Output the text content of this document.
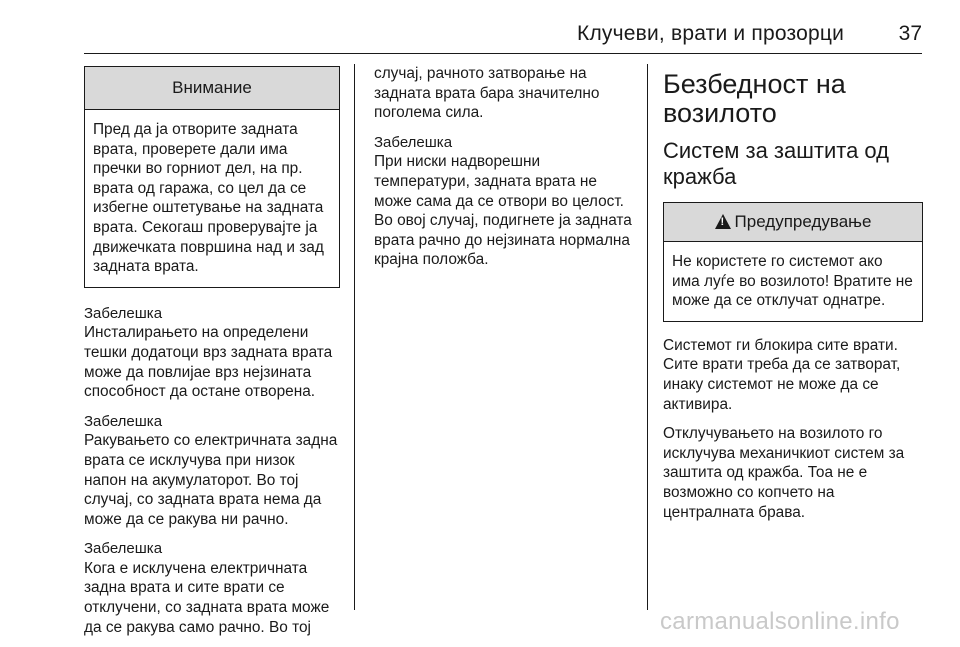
Клучеви, врати и прозорци	37
Внимание

Пред да ја отворите задната врата, проверете дали има пречки во горниот дел, на пр. врата од гаража, со цел да се избегне оштетување на задната врата. Секогаш проверувајте ја движечката површина над и зад задната врата.

Забелешка

Инсталирањето на определени тешки додатоци врз задната врата може да повлијае врз нејзината способност да остане отворена.

Забелешка

Ракувањето со електричната задна врата се исклучува при низок напон на акумулаторот. Во тој случај, со задната врата нема да може да се ракува ни рачно.

Забелешка

Кога е исклучена електричната задна врата и сите врати се отклучени, со задната врата може да се ракува само рачно. Во тој

случај, рачното затворање на задната врата бара значително поголема сила.

Забелешка

При ниски надворешни температури, задната врата не може сама да се отвори во целост. Во овој случај, подигнете ја задната врата рачно до нејзината нормална крајна положба.

Безбедност на возилото
Систем за заштита од кражба
!Предупредување

Не користете го системот ако има луѓе во возилото! Вратите не може да се отклучат однатре.

Системот ги блокира сите врати. Сите врати треба да се затворат, инаку системот не може да се активира.

Отклучувањето на возилото го исклучува механичкиот систем за заштита од кражба. Тоа не е возможно со копчето на централната брава.

carmanualsonline.info
